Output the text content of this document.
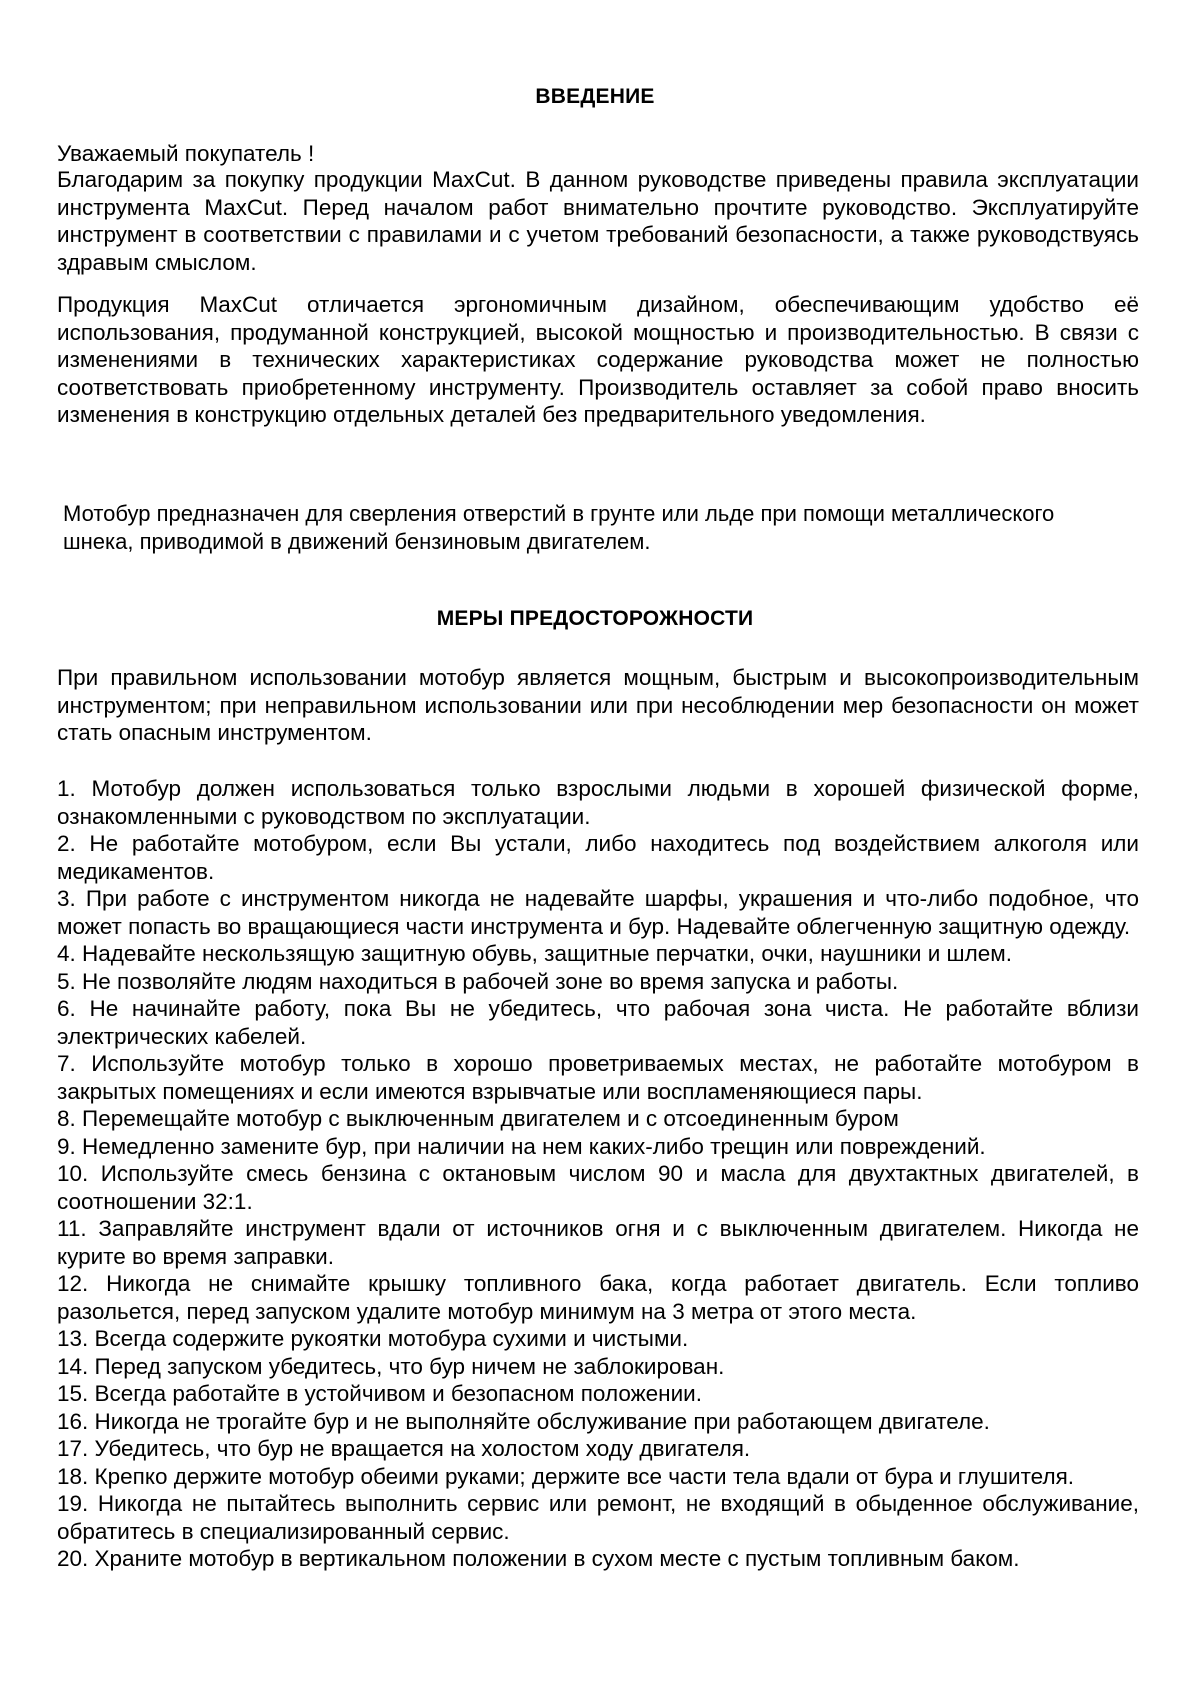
ВВЕДЕНИЕ

Уважаемый покупатель !

Благодарим за покупку продукции MaxCut. В данном руководстве приведены правила эксплуатации инструмента MaxCut. Перед началом работ внимательно прочтите руководство. Эксплуатируйте инструмент в соответствии с правилами и с учетом требований безопасности, а также руководствуясь здравым смыслом.

Продукция MaxCut отличается эргономичным дизайном, обеспечивающим удобство её использования, продуманной конструкцией, высокой мощностью и производительностью. В связи с изменениями в технических характеристиках содержание руководства может не полностью соответствовать приобретенному инструменту. Производитель оставляет за собой право вносить изменения в конструкцию отдельных деталей без предварительного уведомления.

Мотобур предназначен для сверления отверстий в грунте или льде при помощи металлического шнека, приводимой в движений бензиновым двигателем.

МЕРЫ ПРЕДОСТОРОЖНОСТИ

При правильном использовании мотобур является мощным, быстрым и высокопроизводительным инструментом; при неправильном использовании или при несоблюдении мер безопасности он может стать опасным инструментом.

1. Мотобур должен использоваться только взрослыми людьми в хорошей физической форме, ознакомленными с руководством по эксплуатации.
2. Не работайте мотобуром, если Вы устали, либо находитесь под воздействием алкоголя или медикаментов.
3. При работе с инструментом никогда не надевайте шарфы, украшения и что-либо подобное, что может попасть во вращающиеся части инструмента и бур. Надевайте облегченную защитную одежду.
4. Надевайте нескользящую защитную обувь, защитные перчатки, очки, наушники и шлем.
5. Не позволяйте людям находиться в рабочей зоне во время запуска и работы.
6. Не начинайте работу, пока Вы не убедитесь, что рабочая зона чиста. Не работайте вблизи электрических кабелей.
7. Используйте мотобур только в хорошо проветриваемых местах, не работайте мотобуром в закрытых помещениях и если имеются взрывчатые или воспламеняющиеся пары.
8. Перемещайте мотобур с выключенным двигателем и с отсоединенным буром
9. Немедленно замените бур, при наличии на нем каких-либо трещин или повреждений.
10. Используйте смесь бензина с октановым числом 90 и масла для двухтактных двигателей, в соотношении 32:1.
11. Заправляйте инструмент вдали от источников огня и с выключенным двигателем. Никогда не курите во время заправки.
12. Никогда не снимайте крышку топливного бака, когда работает двигатель. Если топливо разольется, перед запуском удалите мотобур минимум на 3 метра от этого места.
13. Всегда содержите рукоятки мотобура сухими и чистыми.
14. Перед запуском убедитесь, что бур ничем не заблокирован.
15. Всегда работайте в устойчивом и безопасном положении.
16. Никогда не трогайте бур и не выполняйте обслуживание при работающем двигателе.
17. Убедитесь, что бур не вращается на холостом ходу двигателя.
18. Крепко держите мотобур обеими руками; держите все части тела вдали от бура и глушителя.
19. Никогда не пытайтесь выполнить сервис или ремонт, не входящий в обыденное обслуживание, обратитесь в специализированный сервис.
20. Храните мотобур в вертикальном положении в сухом месте с пустым топливным баком.
